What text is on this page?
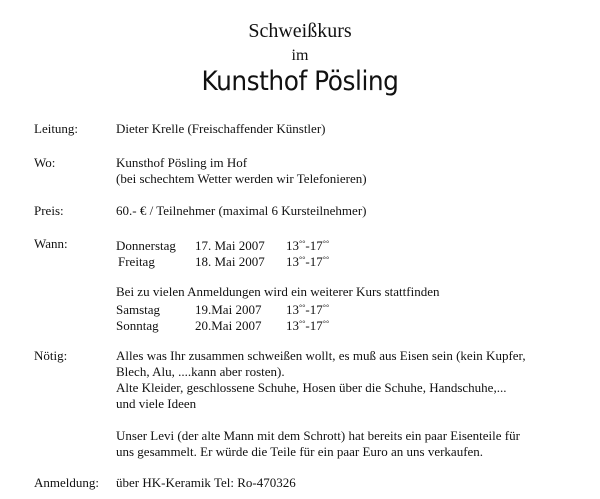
Schweißkurs
im
Kunsthof Pösling
Leitung:	Dieter Krelle (Freischaffender Künstler)
Wo:	Kunsthof Pösling im Hof
(bei schechtem Wetter werden wir Telefonieren)
Preis:	60.- € / Teilnehmer (maximal 6 Kursteilnehmer)
Wann:	Donnerstag 17. Mai 2007 13°°-17°°
Freitag	18. Mai 2007 13°°-17°°
Bei zu vielen Anmeldungen wird ein weiterer Kurs stattfinden
Samstag	19.Mai 2007 13°°-17°°
Sonntag	20.Mai 2007 13°°-17°°
Nötig:	Alles was Ihr zusammen schweißen wollt, es muß aus Eisen sein (kein Kupfer,
Blech, Alu, ....kann aber rosten).
Alte Kleider, geschlossene Schuhe, Hosen über die Schuhe, Handschuhe,...
und viele Ideen
Unser Levi (der alte Mann mit dem Schrott) hat bereits ein paar Eisenteile für
uns gesammelt. Er würde die Teile für ein paar Euro an uns verkaufen.
Anmeldung: über HK-Keramik Tel: Ro-470326
